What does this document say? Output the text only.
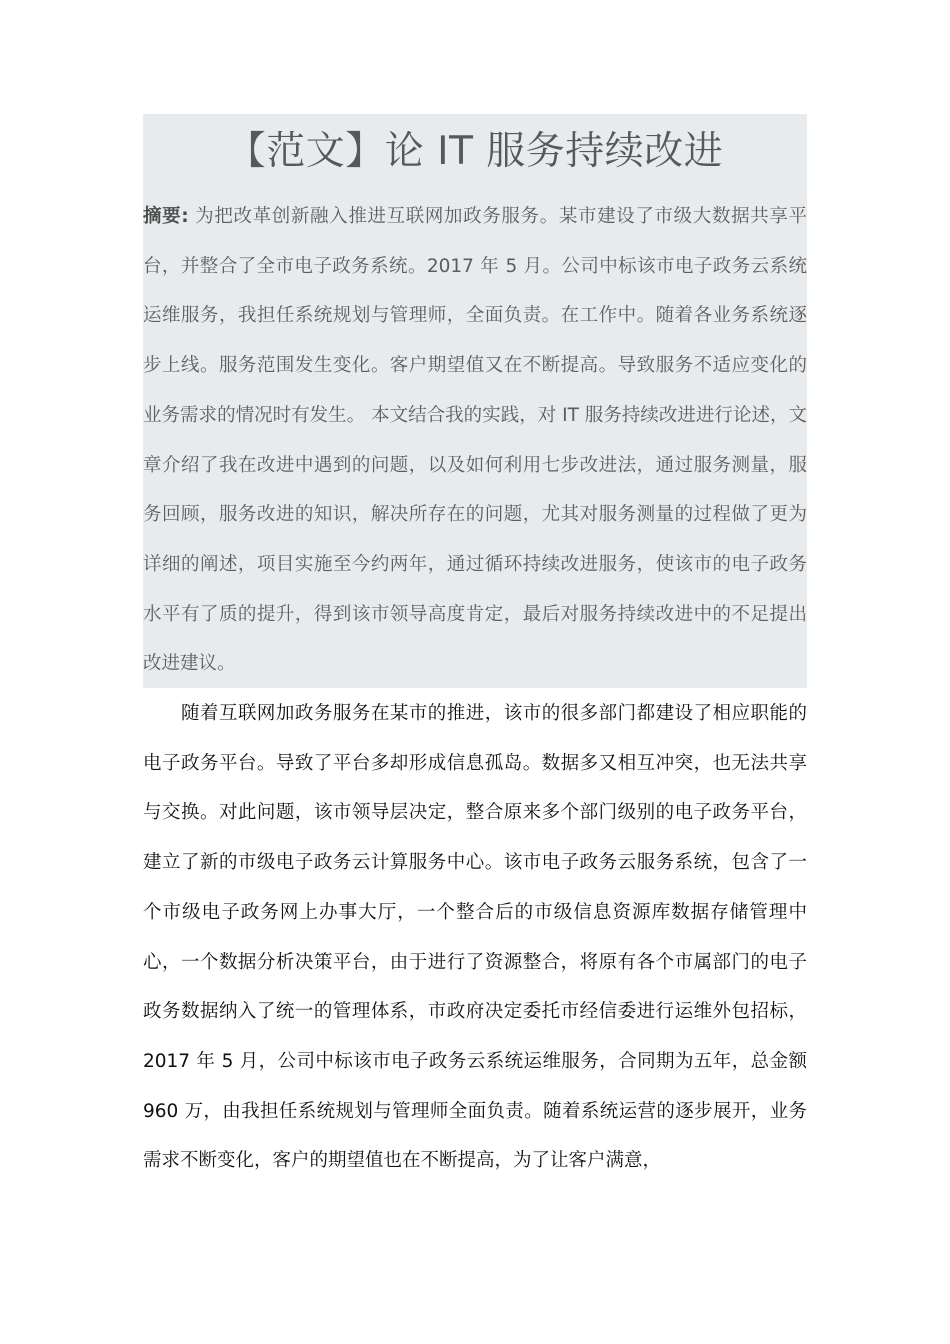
【范文】论 IT 服务持续改进

摘要: 为把改革创新融入推进互联网加政务服务。某市建设了市级大数据共享平台，并整合了全市电子政务系统。2017 年 5 月。公司中标该市电子政务云系统运维服务，我担任系统规划与管理师，全面负责。在工作中。随着各业务系统逐步上线。服务范围发生变化。客户期望值又在不断提高。导致服务不适应变化的业务需求的情况时有发生。 本文结合我的实践，对 IT 服务持续改进进行论述，文章介绍了我在改进中遇到的问题，以及如何利用七步改进法，通过服务测量，服务回顾，服务改进的知识，解决所存在的问题，尤其对服务测量的过程做了更为详细的阐述，项目实施至今约两年，通过循环持续改进服务，使该市的电子政务水平有了质的提升，得到该市领导高度肯定，最后对服务持续改进中的不足提出改进建议。

随着互联网加政务服务在某市的推进，该市的很多部门都建设了相应职能的电子政务平台。导致了平台多却形成信息孤岛。数据多又相互冲突，也无法共享与交换。对此问题，该市领导层决定，整合原来多个部门级别的电子政务平台，建立了新的市级电子政务云计算服务中心。该市电子政务云服务系统，包含了一个市级电子政务网上办事大厅，一个整合后的市级信息资源库数据存储管理中心，一个数据分析决策平台，由于进行了资源整合，将原有各个市属部门的电子政务数据纳入了统一的管理体系，市政府决定委托市经信委进行运维外包招标，2017 年 5 月，公司中标该市电子政务云系统运维服务，合同期为五年，总金额 960 万，由我担任系统规划与管理师全面负责。随着系统运营的逐步展开，业务需求不断变化，客户的期望值也在不断提高，为了让客户满意，
